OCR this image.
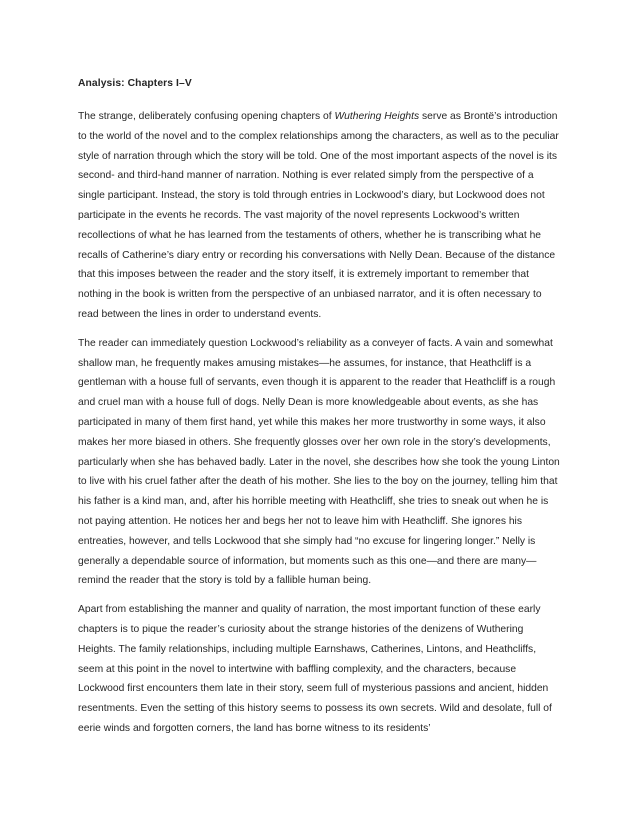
Analysis: Chapters I–V

The strange, deliberately confusing opening chapters of Wuthering Heights serve as Brontë’s introduction to the world of the novel and to the complex relationships among the characters, as well as to the peculiar style of narration through which the story will be told. One of the most important aspects of the novel is its second- and third-hand manner of narration. Nothing is ever related simply from the perspective of a single participant. Instead, the story is told through entries in Lockwood’s diary, but Lockwood does not participate in the events he records. The vast majority of the novel represents Lockwood’s written recollections of what he has learned from the testaments of others, whether he is transcribing what he recalls of Catherine’s diary entry or recording his conversations with Nelly Dean. Because of the distance that this imposes between the reader and the story itself, it is extremely important to remember that nothing in the book is written from the perspective of an unbiased narrator, and it is often necessary to read between the lines in order to understand events.

The reader can immediately question Lockwood’s reliability as a conveyer of facts. A vain and somewhat shallow man, he frequently makes amusing mistakes—he assumes, for instance, that Heathcliff is a gentleman with a house full of servants, even though it is apparent to the reader that Heathcliff is a rough and cruel man with a house full of dogs. Nelly Dean is more knowledgeable about events, as she has participated in many of them first hand, yet while this makes her more trustworthy in some ways, it also makes her more biased in others. She frequently glosses over her own role in the story’s developments, particularly when she has behaved badly. Later in the novel, she describes how she took the young Linton to live with his cruel father after the death of his mother. She lies to the boy on the journey, telling him that his father is a kind man, and, after his horrible meeting with Heathcliff, she tries to sneak out when he is not paying attention. He notices her and begs her not to leave him with Heathcliff. She ignores his entreaties, however, and tells Lockwood that she simply had “no excuse for lingering longer.” Nelly is generally a dependable source of information, but moments such as this one—and there are many—remind the reader that the story is told by a fallible human being.

Apart from establishing the manner and quality of narration, the most important function of these early chapters is to pique the reader’s curiosity about the strange histories of the denizens of Wuthering Heights. The family relationships, including multiple Earnshaws, Catherines, Lintons, and Heathcliffs, seem at this point in the novel to intertwine with baffling complexity, and the characters, because Lockwood first encounters them late in their story, seem full of mysterious passions and ancient, hidden resentments. Even the setting of this history seems to possess its own secrets. Wild and desolate, full of eerie winds and forgotten corners, the land has borne witness to its residents’
